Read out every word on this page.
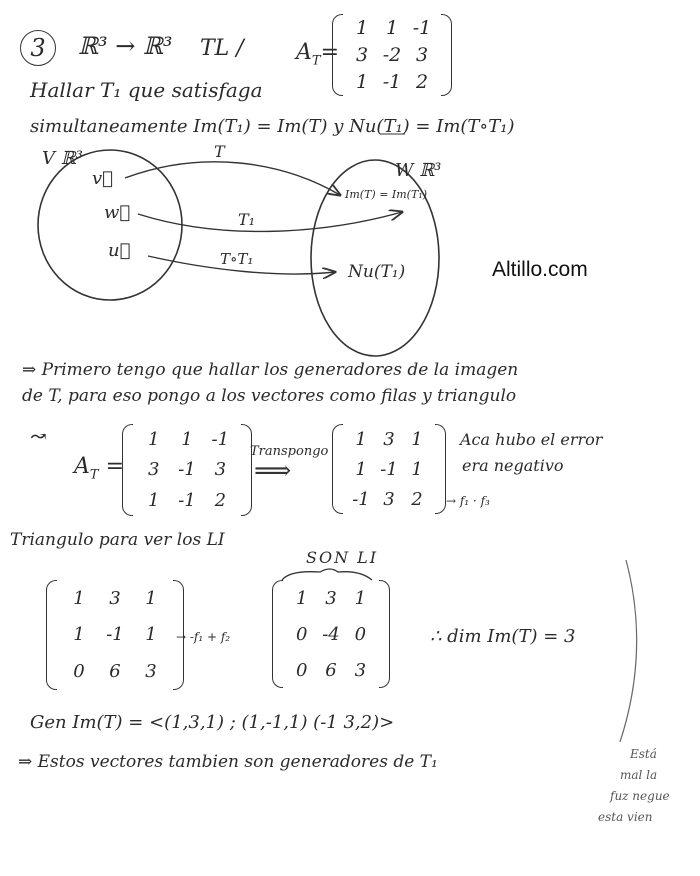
3	ℝ³ → ℝ³ TL / $A_T=$
1 1 -1
3 -2 3
1 -1 2
Hallar T₁ que satisfaga
simultaneamente Im(T₁) = Im(T) y Nu(T₁) = Im(T∘T₁)
V ℝ³
W ℝ³
v⃗
w⃗
u⃗
T
T₁
T∘T₁
Im(T) = Im(T₁)
Nu(T₁)	Altillo.com
⇒ Primero tengo que hallar los generadores de la imagen
de T, para eso pongo a los vectores como filas y triangulo
↝
$A_T$ =
1 1 -1
3 -1 3
1 -1 2
Transpongo
⟹
1 3 1
1 -1 1
-1 3 2
Aca hubo el error
era negativo
→ f₁ · f₃
Triangulo para ver los LI
SON LI
1 3 1
1 -1 1
0 6 3
→ -f₁ + f₂
1 3 1
0 -4 0
0 6 3
∴ dim Im(T) = 3
Gen Im(T) = <(1,3,1) ; (1,-1,1) (-1 3,2)>
⇒ Estos vectores tambien son generadores de T₁	Está
mal la
fuz negue
esta vien
